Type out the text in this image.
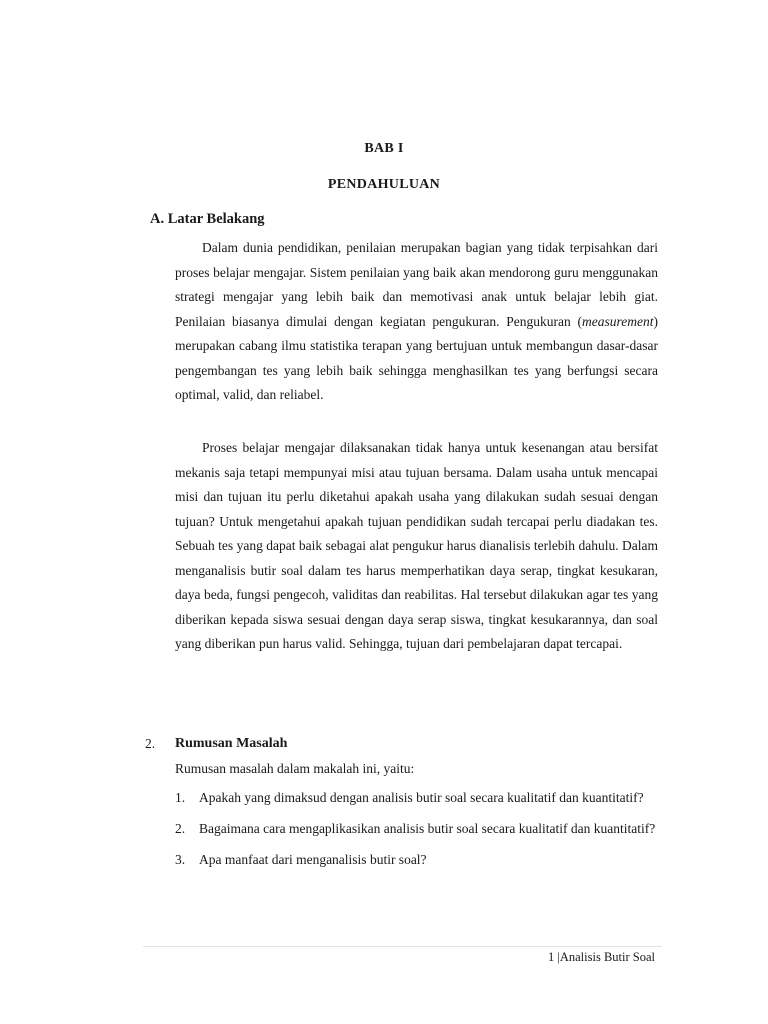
BAB I
PENDAHULUAN
A. Latar Belakang

Dalam dunia pendidikan, penilaian merupakan bagian yang tidak terpisahkan dari proses belajar mengajar. Sistem penilaian yang baik akan mendorong guru menggunakan strategi mengajar yang lebih baik dan memotivasi anak untuk belajar lebih giat. Penilaian biasanya dimulai dengan kegiatan pengukuran. Pengukuran (measurement) merupakan cabang ilmu statistika terapan yang bertujuan untuk membangun dasar-dasar pengembangan tes yang lebih baik sehingga menghasilkan tes yang berfungsi secara optimal, valid, dan reliabel.

Proses belajar mengajar dilaksanakan tidak hanya untuk kesenangan atau bersifat mekanis saja tetapi mempunyai misi atau tujuan bersama. Dalam usaha untuk mencapai misi dan tujuan itu perlu diketahui apakah usaha yang dilakukan sudah sesuai dengan tujuan? Untuk mengetahui apakah tujuan pendidikan sudah tercapai perlu diadakan tes. Sebuah tes yang dapat baik sebagai alat pengukur harus dianalisis terlebih dahulu. Dalam menganalisis butir soal dalam tes harus memperhatikan daya serap, tingkat kesukaran, daya beda, fungsi pengecoh, validitas dan reabilitas. Hal tersebut dilakukan agar tes yang diberikan kepada siswa sesuai dengan daya serap siswa, tingkat kesukarannya, dan soal yang diberikan pun harus valid. Sehingga, tujuan dari pembelajaran dapat tercapai.

2. Rumusan Masalah
Rumusan masalah dalam makalah ini, yaitu:
1. Apakah yang dimaksud dengan analisis butir soal secara kualitatif dan kuantitatif?
2. Bagaimana cara mengaplikasikan analisis butir soal secara kualitatif dan kuantitatif?
3. Apa manfaat dari menganalisis butir soal?
1 |Analisis Butir Soal
